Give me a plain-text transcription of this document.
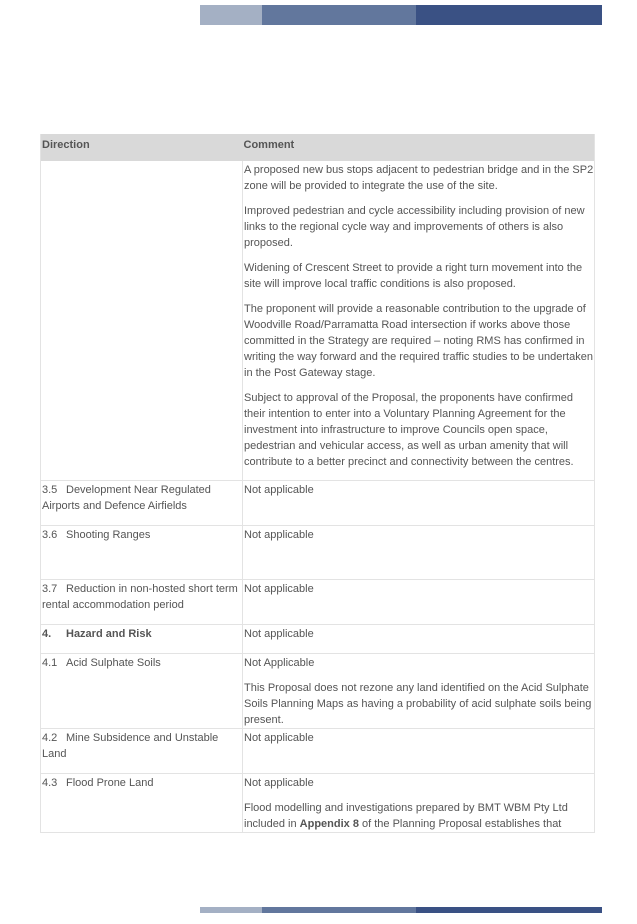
Direction	Comment

	A proposed new bus stops adjacent to pedestrian bridge and in the SP2 zone will be provided to integrate the use of the site.

Improved pedestrian and cycle accessibility including provision of new links to the regional cycle way and improvements of others is also proposed.

Widening of Crescent Street to provide a right turn movement into the site will improve local traffic conditions is also proposed.

The proponent will provide a reasonable contribution to the upgrade of Woodville Road/Parramatta Road intersection if works above those committed in the Strategy are required – noting RMS has confirmed in writing the way forward and the required traffic studies to be undertaken in the Post Gateway stage.

Subject to approval of the Proposal, the proponents have confirmed their intention to enter into a Voluntary Planning Agreement for the investment into infrastructure to improve Councils open space, pedestrian and vehicular access, as well as urban amenity that will contribute to a better precinct and connectivity between the centres.

3.5 Development Near Regulated Airports and Defence Airfields	Not applicable
3.6 Shooting Ranges	Not applicable
3.7 Reduction in non-hosted short term rental accommodation period	Not applicable
4. Hazard and Risk	Not applicable
4.1 Acid Sulphate Soils	Not Applicable

This Proposal does not rezone any land identified on the Acid Sulphate Soils Planning Maps as having a probability of acid sulphate soils being present.

4.2 Mine Subsidence and Unstable Land	Not applicable
4.3 Flood Prone Land	Not applicable

Flood modelling and investigations prepared by BMT WBM Pty Ltd included in Appendix 8 of the Planning Proposal establishes that
